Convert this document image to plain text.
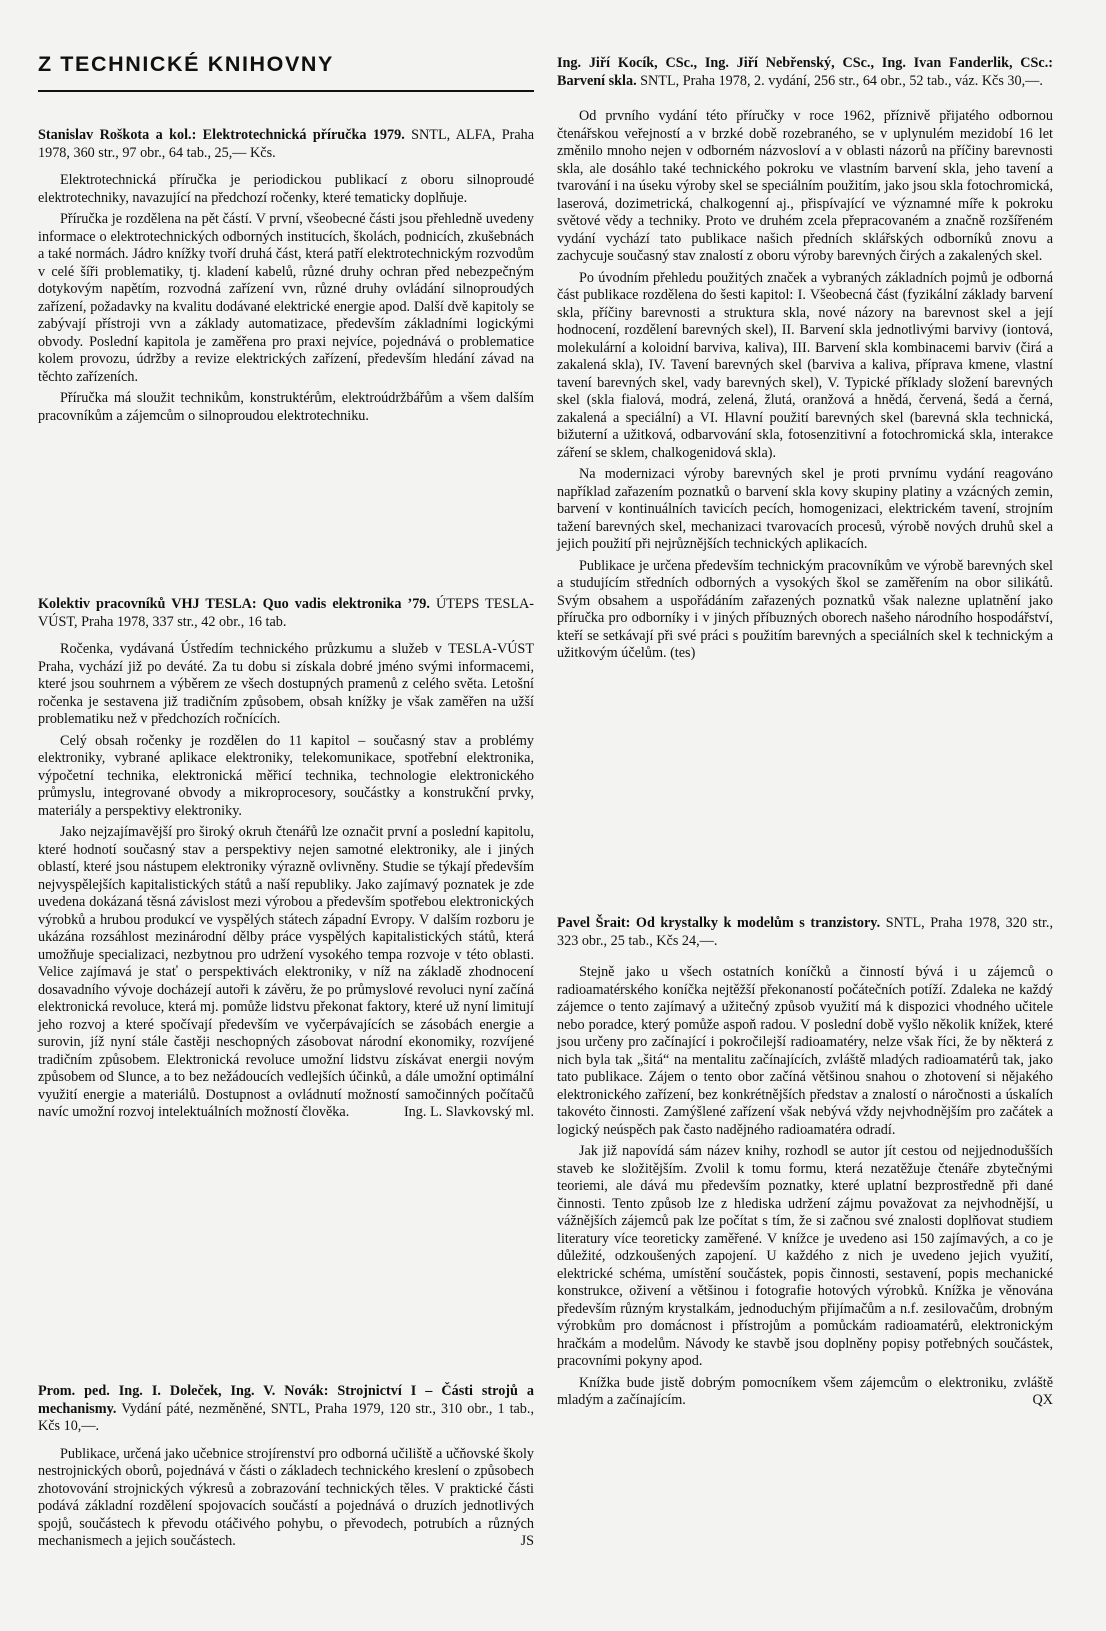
Z TECHNICKÉ KNIHOVNY

Stanislav Roškota a kol.: Elektrotechnická příručka 1979. SNTL, ALFA, Praha 1978, 360 str., 97 obr., 64 tab., 25,— Kčs.

Elektrotechnická příručka je periodickou publikací z oboru silnoproudé elektrotechniky, navazující na předchozí ročenky, které tematicky doplňuje.

Příručka je rozdělena na pět částí. V první, všeobecné části jsou přehledně uvedeny informace o elektrotechnických odborných institucích, školách, podnicích, zkušebnách a také normách. Jádro knížky tvoří druhá část, která patří elektrotechnickým rozvodům v celé šíři problematiky, tj. kladení kabelů, různé druhy ochran před nebezpečným dotykovým napětím, rozvodná zařízení vvn, různé druhy ovládání silnoproudých zařízení, požadavky na kvalitu dodávané elektrické energie apod. Další dvě kapitoly se zabývají přístroji vvn a základy automatizace, především základními logickými obvody. Poslední kapitola je zaměřena pro praxi nejvíce, pojednává o problematice kolem provozu, údržby a revize elektrických zařízení, především hledání závad na těchto zařízeních.

Příručka má sloužit technikům, konstruktérům, elektroúdržbářům a všem dalším pracovníkům a zájemcům o silnoproudou elektrotechniku.

Kolektiv pracovníků VHJ TESLA: Quo vadis elektronika ’79. ÚTEPS TESLA-VÚST, Praha 1978, 337 str., 42 obr., 16 tab.

Ročenka, vydávaná Ústředím technického průzkumu a služeb v TESLA-VÚST Praha, vychází již po deváté. Za tu dobu si získala dobré jméno svými informacemi, které jsou souhrnem a výběrem ze všech dostupných pramenů z celého světa. Letošní ročenka je sestavena již tradičním způsobem, obsah knížky je však zaměřen na užší problematiku než v předchozích ročnících.

Celý obsah ročenky je rozdělen do 11 kapitol – současný stav a problémy elektroniky, vybrané aplikace elektroniky, telekomunikace, spotřební elektronika, výpočetní technika, elektronická měřicí technika, technologie elektronického průmyslu, integrované obvody a mikroprocesory, součástky a konstrukční prvky, materiály a perspektivy elektroniky.

Jako nejzajímavější pro široký okruh čtenářů lze označit první a poslední kapitolu, které hodnotí současný stav a perspektivy nejen samotné elektroniky, ale i jiných oblastí, které jsou nástupem elektroniky výrazně ovlivněny. Studie se týkají především nejvyspělejších kapitalistických států a naší republiky. Jako zajímavý poznatek je zde uvedena dokázaná těsná závislost mezi výrobou a především spotřebou elektronických výrobků a hrubou produkcí ve vyspělých státech západní Evropy. V dalším rozboru je ukázána rozsáhlost mezinárodní dělby práce vyspělých kapitalistických států, která umožňuje specializaci, nezbytnou pro udržení vysokého tempa rozvoje v této oblasti. Velice zajímavá je stať o perspektivách elektroniky, v níž na základě zhodnocení dosavadního vývoje docházejí autoři k závěru, že po průmyslové revoluci nyní začíná elektronická revoluce, která mj. pomůže lidstvu překonat faktory, které už nyní limitují jeho rozvoj a které spočívají především ve vyčerpávajících se zásobách energie a surovin, jíž nyní stále častěji neschopných zásobovat národní ekonomiky, rozvíjené tradičním způsobem. Elektronická revoluce umožní lidstvu získávat energii novým způsobem od Slunce, a to bez nežádoucích vedlejších účinků, a dále umožní optimální využití energie a materiálů. Dostupnost a ovládnutí možností samočinných počítačů navíc umožní rozvoj intelektuálních možností člověka.	Ing. L. Slavkovský ml.

Prom. ped. Ing. I. Doleček, Ing. V. Novák: Strojnictví I – Části strojů a mechanismy. Vydání páté, nezměněné, SNTL, Praha 1979, 120 str., 310 obr., 1 tab., Kčs 10,—.

Publikace, určená jako učebnice strojírenství pro odborná učiliště a učňovské školy nestrojnických oborů, pojednává v části o základech technického kreslení o způsobech zhotovování strojnických výkresů a zobrazování technických těles. V praktické části podává základní rozdělení spojovacích součástí a pojednává o druzích jednotlivých spojů, součástech k převodu otáčivého pohybu, o převodech, potrubích a různých mechanismech a jejich součástech.	JS

Ing. Jiří Kocík, CSc., Ing. Jiří Nebřenský, CSc., Ing. Ivan Fanderlik, CSc.: Barvení skla. SNTL, Praha 1978, 2. vydání, 256 str., 64 obr., 52 tab., váz. Kčs 30,—.

Od prvního vydání této příručky v roce 1962, příznivě přijatého odbornou čtenářskou veřejností a v brzké době rozebraného, se v uplynulém mezidobí 16 let změnilo mnoho nejen v odborném názvosloví a v oblasti názorů na příčiny barevnosti skla, ale dosáhlo také technického pokroku ve vlastním barvení skla, jeho tavení a tvarování i na úseku výroby skel se speciálním použitím, jako jsou skla fotochromická, laserová, dozimetrická, chalkogenní aj., přispívající ve významné míře k pokroku světové vědy a techniky. Proto ve druhém zcela přepracovaném a značně rozšířeném vydání vychází tato publikace našich předních sklářských odborníků znovu a zachycuje současný stav znalostí z oboru výroby barevných čirých a zakalených skel.

Po úvodním přehledu použitých značek a vybraných základních pojmů je odborná část publikace rozdělena do šesti kapitol: I. Všeobecná část (fyzikální základy barvení skla, příčiny barevnosti a struktura skla, nové názory na barevnost skel a její hodnocení, rozdělení barevných skel), II. Barvení skla jednotlivými barvivy (iontová, molekulární a koloidní barviva, kaliva), III. Barvení skla kombinacemi barviv (čirá a zakalená skla), IV. Tavení barevných skel (barviva a kaliva, příprava kmene, vlastní tavení barevných skel, vady barevných skel), V. Typické příklady složení barevných skel (skla fialová, modrá, zelená, žlutá, oranžová a hnědá, červená, šedá a černá, zakalená a speciální) a VI. Hlavní použití barevných skel (barevná skla technická, bižuterní a užitková, odbarvování skla, fotosenzitivní a fotochromická skla, interakce záření se sklem, chalkogenidová skla).

Na modernizaci výroby barevných skel je proti prvnímu vydání reagováno například zařazením poznatků o barvení skla kovy skupiny platiny a vzácných zemin, barvení v kontinuálních tavicích pecích, homogenizaci, elektrickém tavení, strojním tažení barevných skel, mechanizaci tvarovacích procesů, výrobě nových druhů skel a jejich použití při nejrůznějších technických aplikacích.

Publikace je určena především technickým pracovníkům ve výrobě barevných skel a studujícím středních odborných a vysokých škol se zaměřením na obor silikátů. Svým obsahem a uspořádáním zařazených poznatků však nalezne uplatnění jako příručka pro odborníky i v jiných příbuzných oborech našeho národního hospodářství, kteří se setkávají při své práci s použitím barevných a speciálních skel k technickým a užitkovým účelům. (tes)

Pavel Šrait: Od krystalky k modelům s tranzistory. SNTL, Praha 1978, 320 str., 323 obr., 25 tab., Kčs 24,—.

Stejně jako u všech ostatních koníčků a činností bývá i u zájemců o radioamatérského koníčka nejtěžší překonaností počátečních potíží. Zdaleka ne každý zájemce o tento zajímavý a užitečný způsob využití má k dispozici vhodného učitele nebo poradce, který pomůže aspoň radou. V poslední době vyšlo několik knížek, které jsou určeny pro začínající i pokročilejší radioamatéry, nelze však říci, že by některá z nich byla tak „šitá“ na mentalitu začínajících, zvláště mladých radioamatérů tak, jako tato publikace. Zájem o tento obor začíná většinou snahou o zhotovení si nějakého elektronického zařízení, bez konkrétnějších představ a znalostí o náročnosti a úskalích takovéto činnosti. Zamýšlené zařízení však nebývá vždy nejvhodnějším pro začátek a logický neúspěch pak často nadějného radioamatéra odradí.

Jak již napovídá sám název knihy, rozhodl se autor jít cestou od nejjednodušších staveb ke složitějším. Zvolil k tomu formu, která nezatěžuje čtenáře zbytečnými teoriemi, ale dává mu především poznatky, které uplatní bezprostředně při dané činnosti. Tento způsob lze z hlediska udržení zájmu považovat za nejvhodnější, u vážnějších zájemců pak lze počítat s tím, že si začnou své znalosti doplňovat studiem literatury více teoreticky zaměřené. V knížce je uvedeno asi 150 zajímavých, a co je důležité, odzkoušených zapojení. U každého z nich je uvedeno jejich využití, elektrické schéma, umístění součástek, popis činnosti, sestavení, popis mechanické konstrukce, oživení a většinou i fotografie hotových výrobků. Knížka je věnována především různým krystalkám, jednoduchým přijímačům a n.f. zesilovačům, drobným výrobkům pro domácnost i přístrojům a pomůckám radioamatérů, elektronickým hračkám a modelům. Návody ke stavbě jsou doplněny popisy potřebných součástek, pracovními pokyny apod.

Knížka bude jistě dobrým pomocníkem všem zájemcům o elektroniku, zvláště mladým a začínajícím.	QX
